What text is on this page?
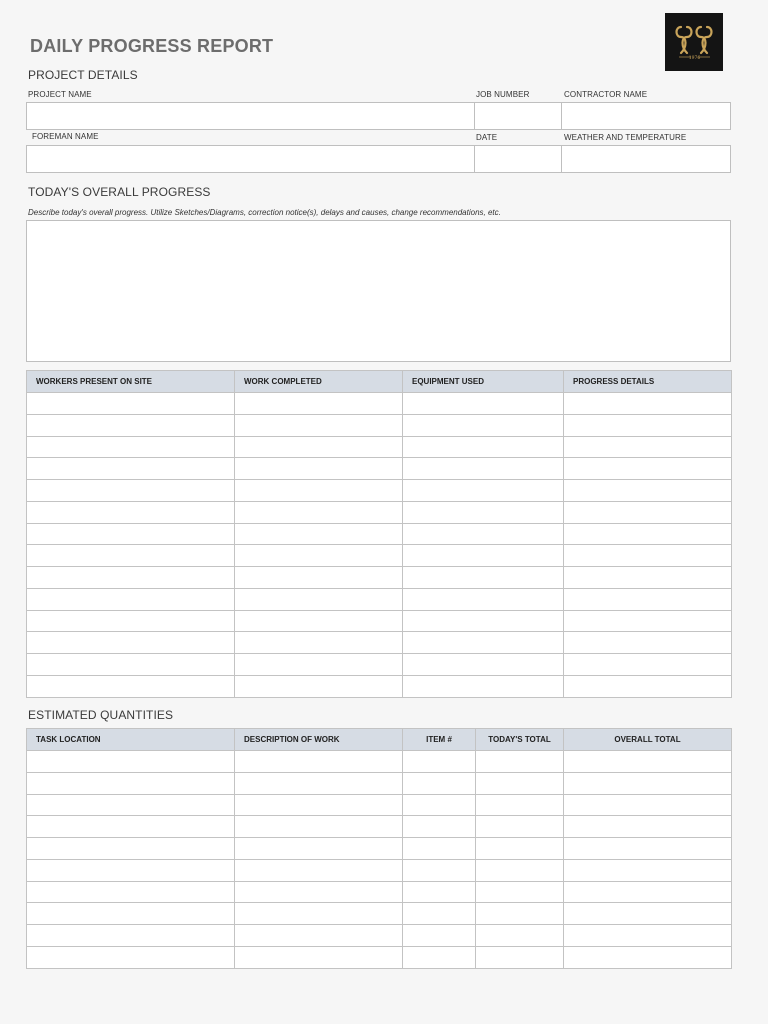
DAILY PROGRESS REPORT
1976
PROJECT DETAILS
PROJECT NAME	JOB NUMBER	CONTRACTOR NAME
FOREMAN NAME	DATE	WEATHER AND TEMPERATURE
TODAY'S OVERALL PROGRESS
Describe today's overall progress. Utilize Sketches/Diagrams, correction notice(s), delays and causes, change recommendations, etc.
WORKERS PRESENT ON SITE	WORK COMPLETED	EQUIPMENT USED	PROGRESS DETAILS

ESTIMATED QUANTITIES
TASK LOCATION	DESCRIPTION OF WORK	ITEM #	TODAY'S TOTAL	OVERALL TOTAL
